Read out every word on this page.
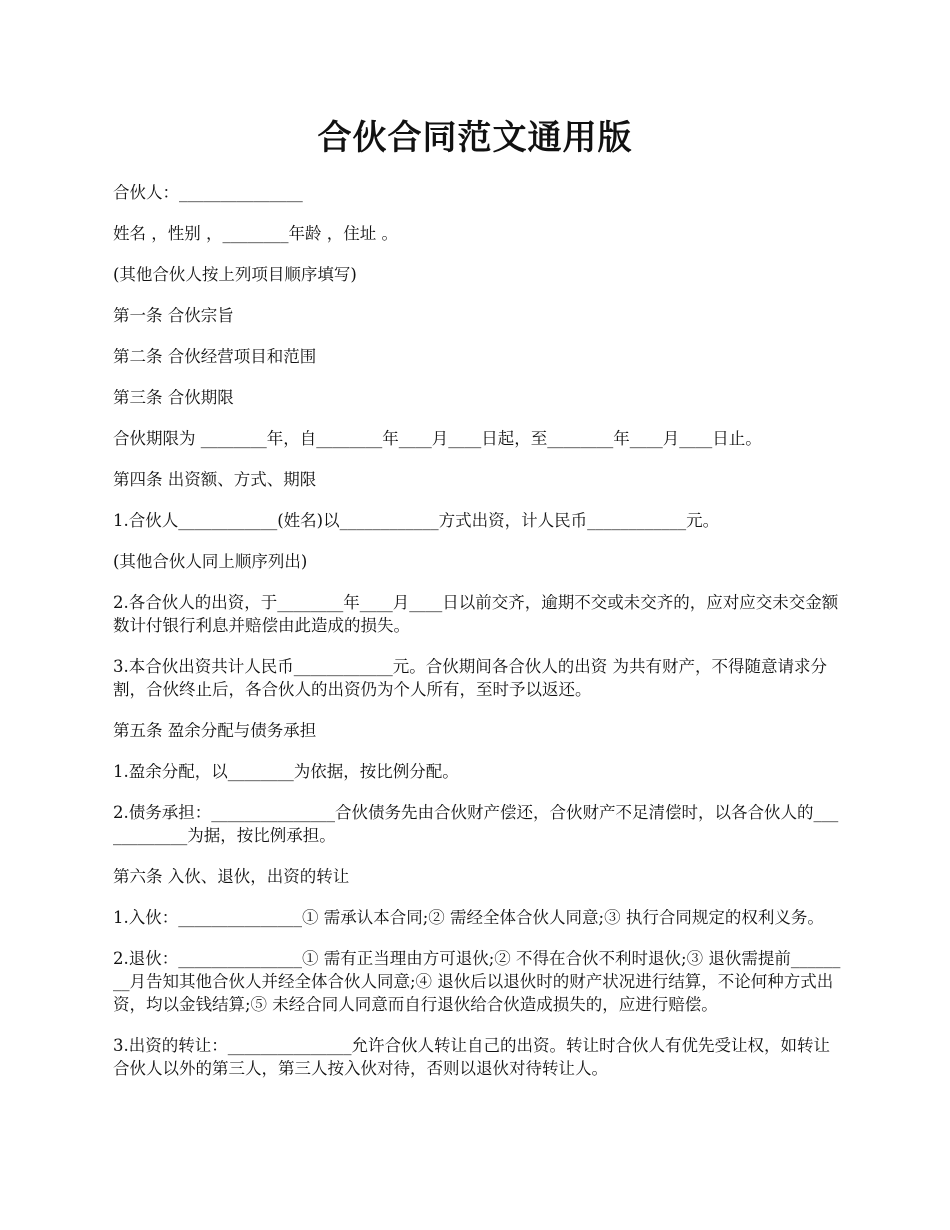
合伙合同范文通用版

合伙人：_______________

姓名 ，性别 ，________年龄 ，住址 。

(其他合伙人按上列项目顺序填写)

第一条 合伙宗旨

第二条 合伙经营项目和范围

第三条 合伙期限

合伙期限为 ________年，自________年____月____日起，至________年____月____日止。

第四条 出资额、方式、期限

1.合伙人____________(姓名)以____________方式出资，计人民币____________元。

(其他合伙人同上顺序列出)

2.各合伙人的出资，于________年____月____日以前交齐，逾期不交或未交齐的，应对应交未交金额数计付银行利息并赔偿由此造成的损失。

3.本合伙出资共计人民币____________元。合伙期间各合伙人的出资 为共有财产，不得随意请求分割，合伙终止后，各合伙人的出资仍为个人所有，至时予以返还。

第五条 盈余分配与债务承担

1.盈余分配，以________为依据，按比例分配。

2.债务承担：_______________合伙债务先由合伙财产偿还，合伙财产不足清偿时，以各合伙人的____________为据，按比例承担。

第六条 入伙、退伙，出资的转让

1.入伙：_______________① 需承认本合同;② 需经全体合伙人同意;③ 执行合同规定的权利义务。

2.退伙：_______________① 需有正当理由方可退伙;② 不得在合伙不利时退伙;③ 退伙需提前________月告知其他合伙人并经全体合伙人同意;④ 退伙后以退伙时的财产状况进行结算，不论何种方式出资，均以金钱结算;⑤ 未经合同人同意而自行退伙给合伙造成损失的，应进行赔偿。

3.出资的转让：_______________允许合伙人转让自己的出资。转让时合伙人有优先受让权，如转让合伙人以外的第三人，第三人按入伙对待，否则以退伙对待转让人。
